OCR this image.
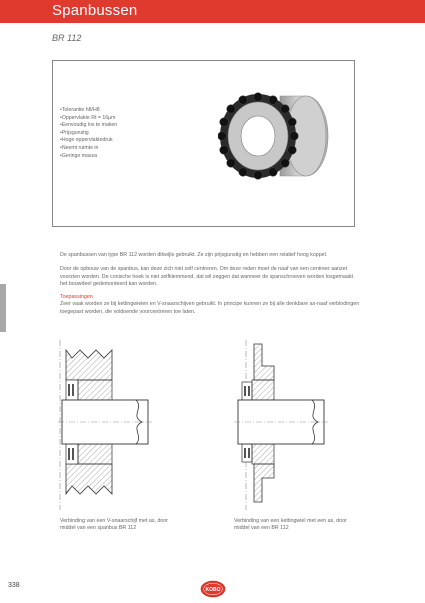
Spanbussen
BR 112
• Tolerantie h8/H8
• Oppervlakte Rt = 16μm
• Eenvoudig los te maken
• Prijsgunstig
• Hoge oppervlaktedruk
• Neemt ruimte in
• Geringe massa

De spanbussen van type BR 112 worden dikwijls gebruikt. Ze zijn prijsgunstig en hebben een relatief hoog koppel.

Door de opbouw van de spanbus, kan deze zich niet zelf centreren. Om deze reden moet de naaf van een centreer aanzet voorzien worden. De conische hoek is niet zelfklemmend, dat wil zeggen dat wanneer de spanschroeven worden losgemaakt het bouwdeel gedemonteerd kan worden.

Toepassingen

Zeer vaak worden ze bij kettingwielen en V-snaarschijven gebruikt. In principe kunnen ze bij alle denkbare as-naaf verbindingen toegepast worden, die voldoende voorcentreren toe laten.

Verbinding van een V-snaarschijf met as, door middel van een spanbus BR 112

Verbinding van een kettingwiel met een as, door middel van een BR 112

338
KOBO
